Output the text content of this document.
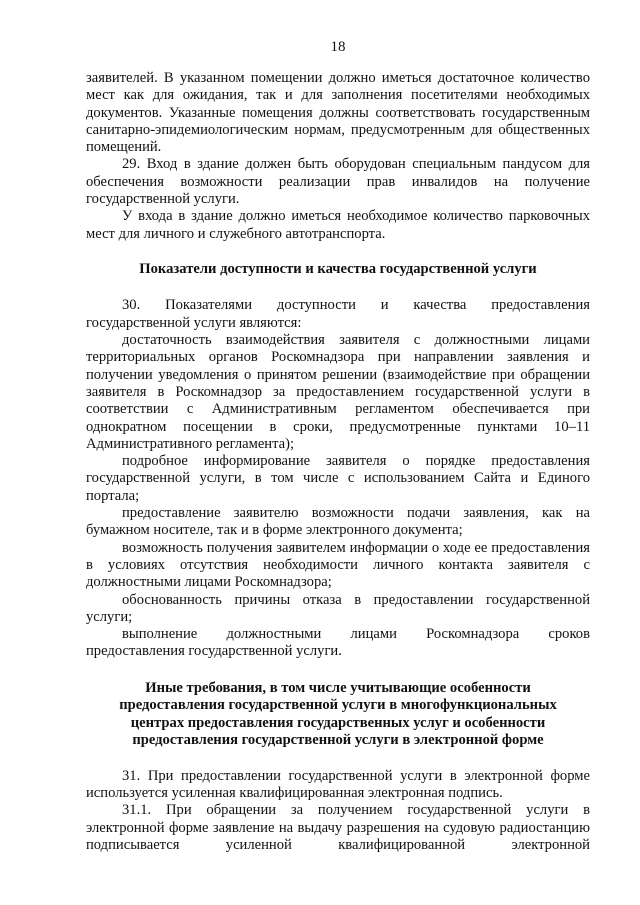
18

заявителей. В указанном помещении должно иметься достаточное количество мест как для ожидания, так и для заполнения посетителями необходимых документов. Указанные помещения должны соответствовать государственным санитарно-эпидемиологическим нормам, предусмотренным для общественных помещений.

29. Вход в здание должен быть оборудован специальным пандусом для обеспечения возможности реализации прав инвалидов на получение государственной услуги.

У входа в здание должно иметься необходимое количество парковочных мест для личного и служебного автотранспорта.

Показатели доступности и качества государственной услуги

30. Показателями доступности и качества предоставления государственной услуги являются:

достаточность взаимодействия заявителя с должностными лицами территориальных органов Роскомнадзора при направлении заявления и получении уведомления о принятом решении (взаимодействие при обращении заявителя в Роскомнадзор за предоставлением государственной услуги в соответствии с Административным регламентом обеспечивается при однократном посещении в сроки, предусмотренные пунктами 10–11 Административного регламента);

подробное информирование заявителя о порядке предоставления государственной услуги, в том числе с использованием Сайта и Единого портала;

предоставление заявителю возможности подачи заявления, как на бумажном носителе, так и в форме электронного документа;

возможность получения заявителем информации о ходе ее предоставления в условиях отсутствия необходимости личного контакта заявителя с должностными лицами Роскомнадзора;

обоснованность причины отказа в предоставлении государственной услуги;

выполнение должностными лицами Роскомнадзора сроков предоставления государственной услуги.

Иные требования, в том числе учитывающие особенности
предоставления государственной услуги в многофункциональных
центрах предоставления государственных услуг и особенности
предоставления государственной услуги в электронной форме

31. При предоставлении государственной услуги в электронной форме используется усиленная квалифицированная электронная подпись.

31.1. При обращении за получением государственной услуги в электронной форме заявление на выдачу разрешения на судовую радиостанцию подписывается усиленной квалифицированной электронной
